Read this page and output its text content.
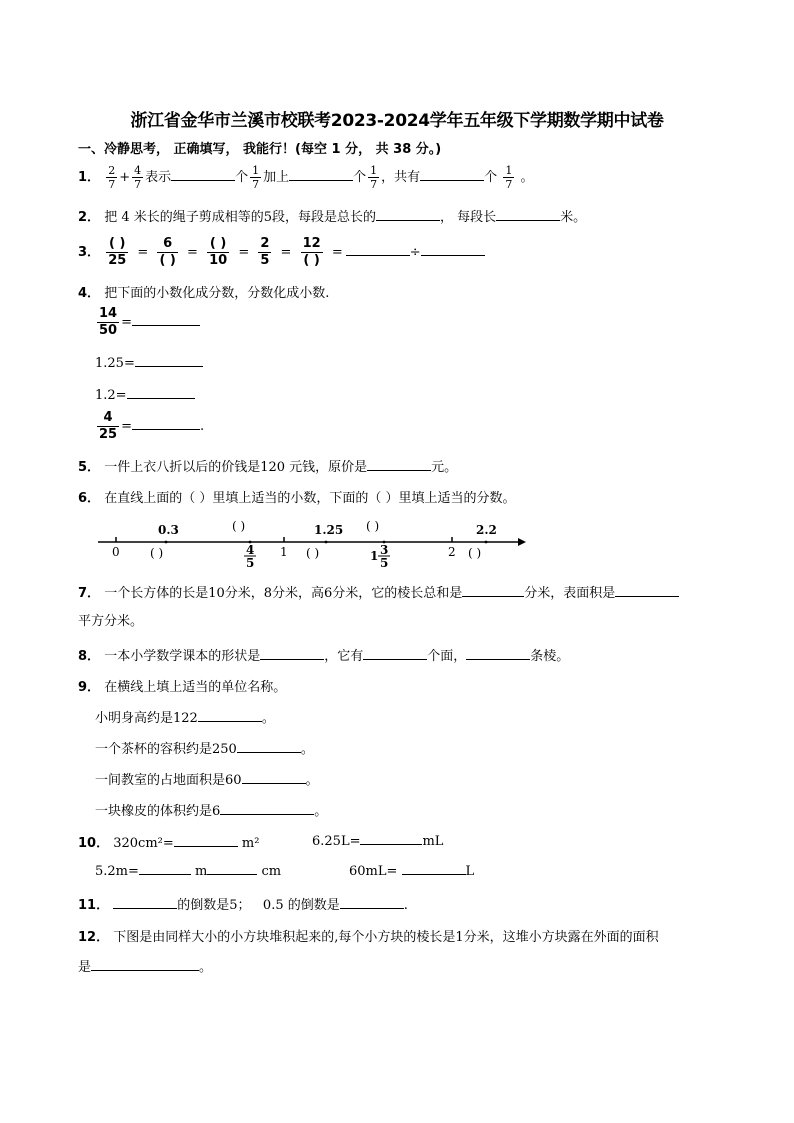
浙江省金华市兰溪市校联考2023-2024学年五年级下学期数学期中试卷
一、冷静思考， 正确填写， 我能行！(每空 1 分， 共 38 分。)
1． $\frac{2}{7} + \frac{4}{7}$ 表示	个 $\frac{1}{7}$ 加上	个 $\frac{1}{7}$ ，共有	个 $\frac{1}{7}$ 。
2． 把 4 米长的绳子剪成相等的5段，每段是总长的	， 每段长	米。
3． $\frac{( )}{25} = \frac{6}{( )} = \frac{( )}{10} = \frac{2}{5} = \frac{12}{( )}$ =	÷
4． 把下面的小数化成分数，分数化成小数.
$\frac{14}{50}$ =
1.25=
1.2=
$\frac{4}{25}$ =	.
5． 一件上衣八折以后的价钱是120 元钱，原价是	元。
6． 在直线上面的（ ）里填上适当的小数，下面的（ ）里填上适当的分数。
0.3	( )	1.25 ( )	2.2
0	( )	4
5
1 ( )	1 3
5
2 ( )
7． 一个长方体的长是10分米，8分米，高6分米，它的棱长总和是	分米，表面积是
平方分米。
8． 一本小学数学课本的形状是	，它有	个面，	条棱。
9． 在横线上填上适当的单位名称。
小明身高约是122	。
一个茶杯的容积约是250	。
一间教室的占地面积是60	。
一块橡皮的体积约是6	。
10． 320cm²=	m²	6.25L=	mL
5.2m=	m	cm	60mL=	L
11．	的倒数是5； 0.5 的倒数是	.
12． 下图是由同样大小的小方块堆积起来的,每个小方块的棱长是1分米，这堆小方块露在外面的面积
是	。
